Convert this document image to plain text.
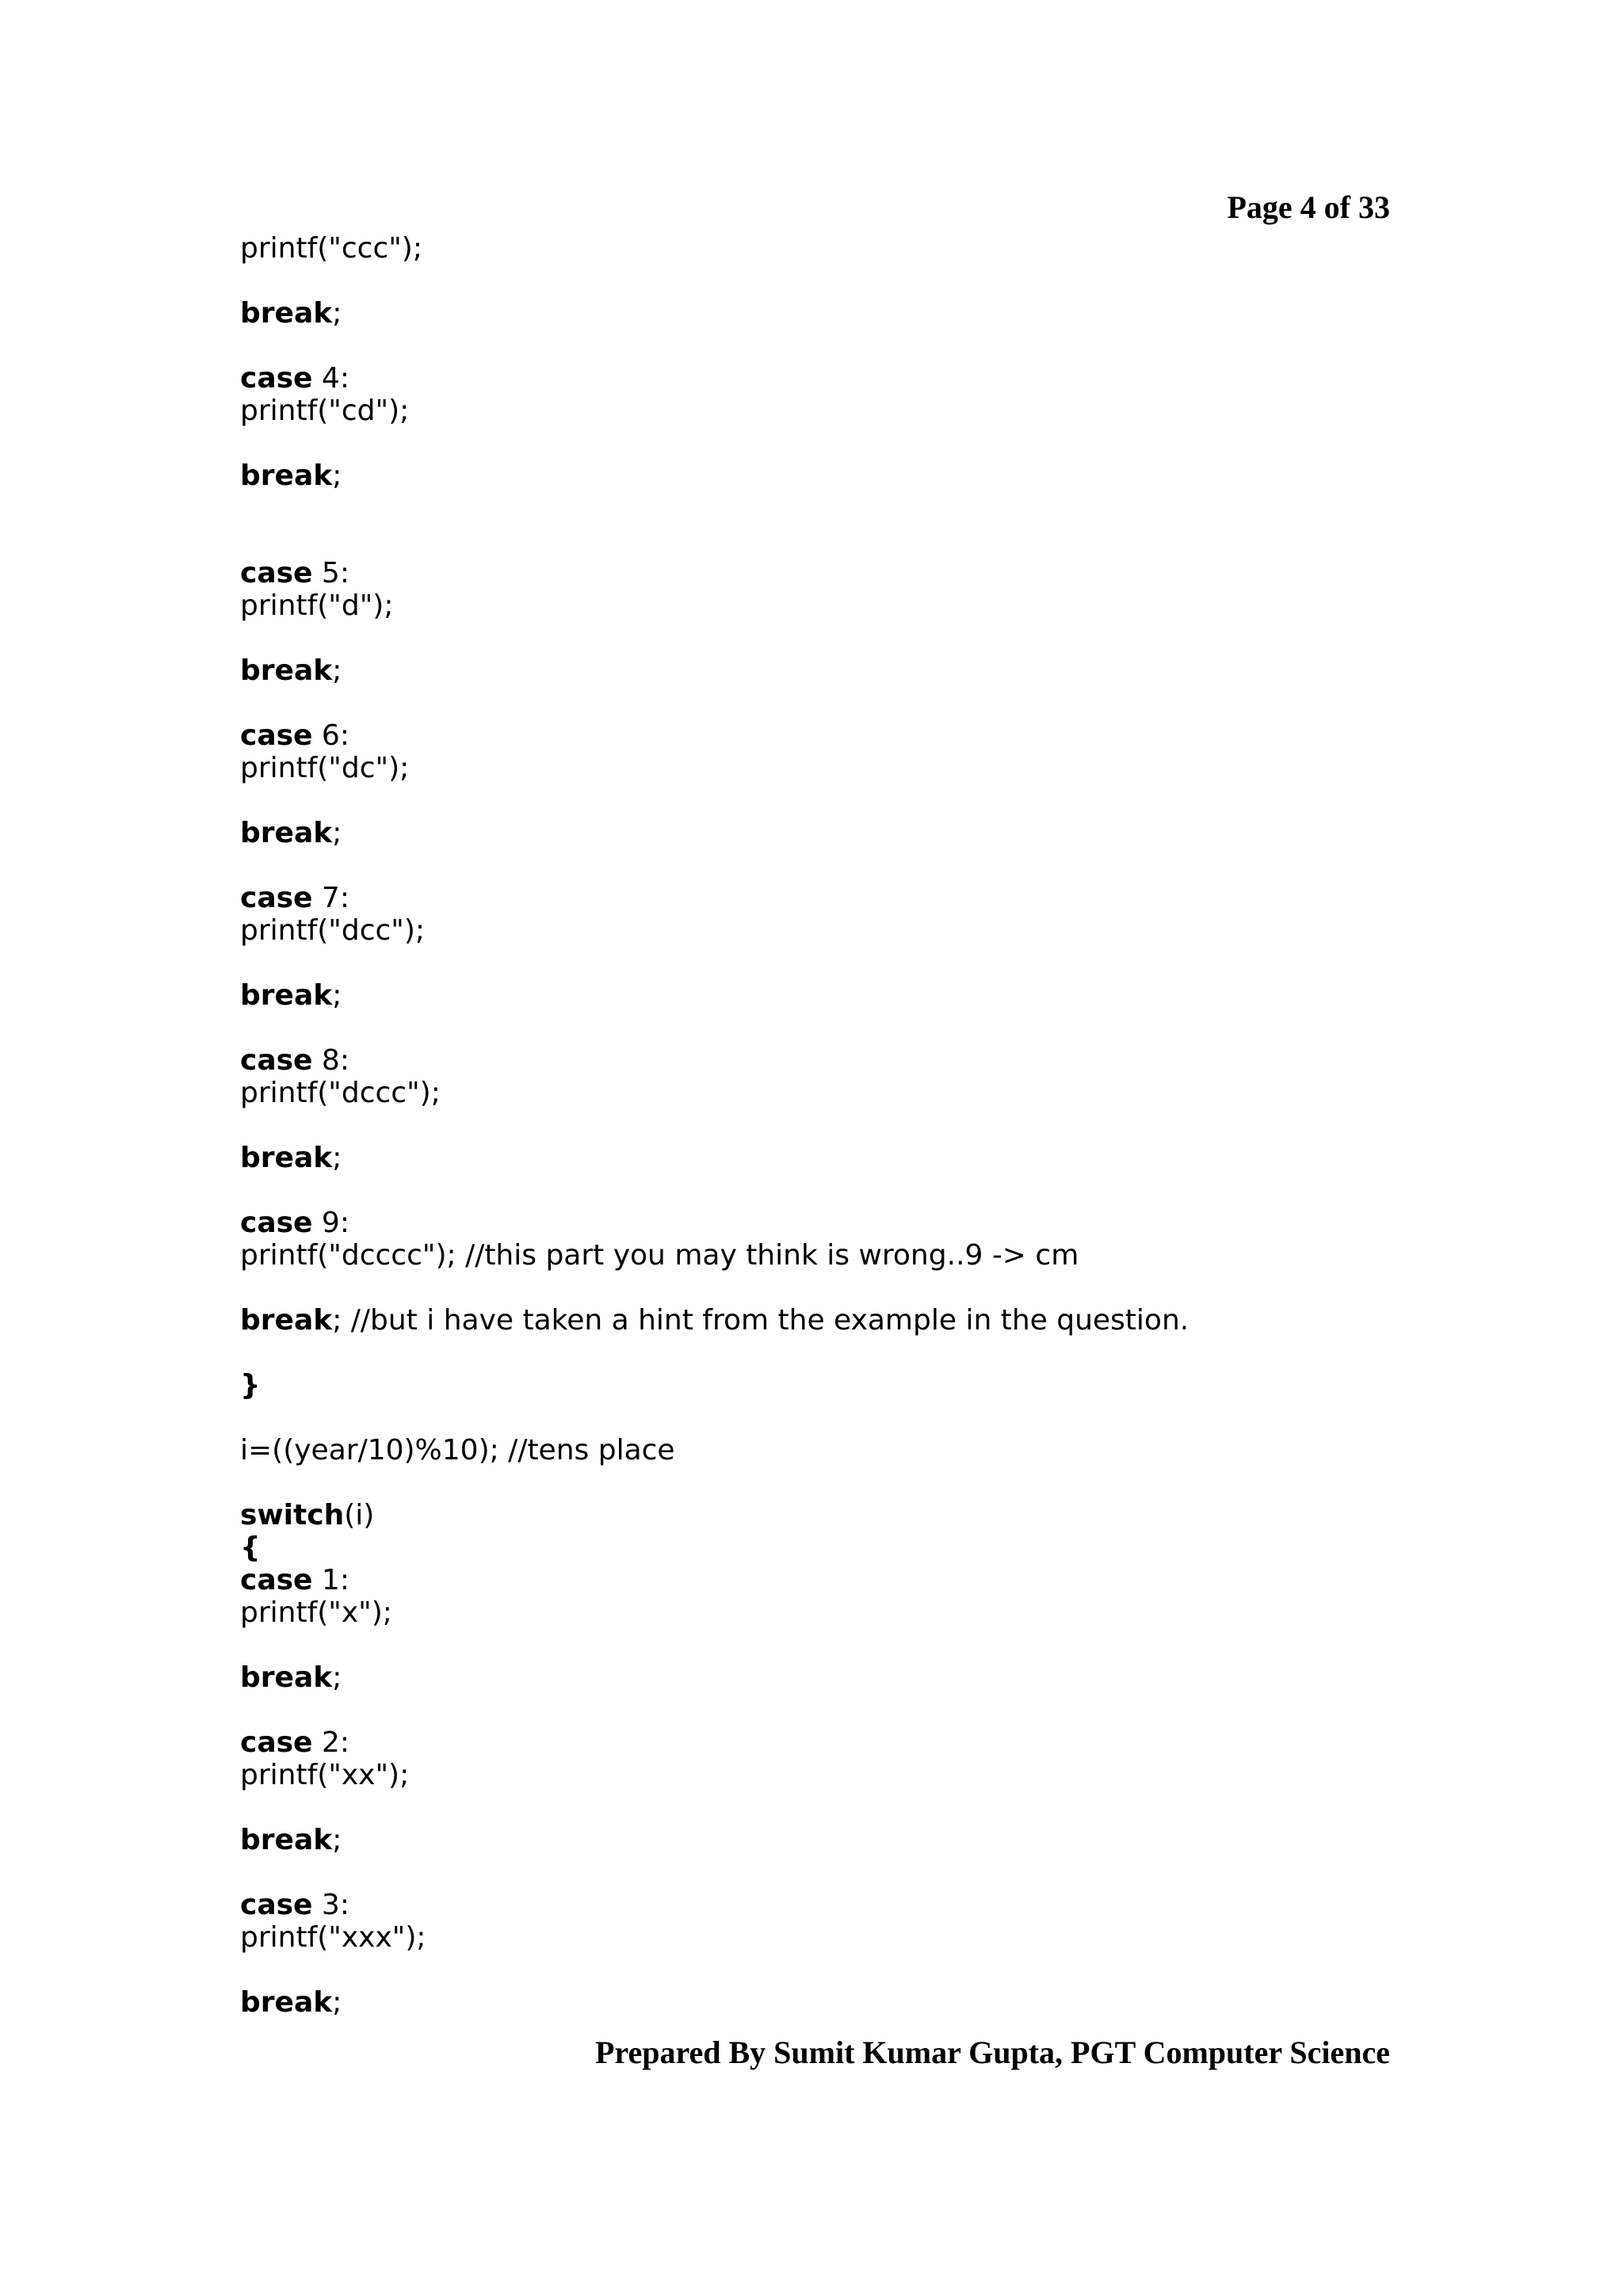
Page 4 of 33
printf("ccc");
break;
case 4:
printf("cd");
break;
case 5:
printf("d");
break;
case 6:
printf("dc");
break;
case 7:
printf("dcc");
break;
case 8:
printf("dccc");
break;
case 9:
printf("dcccc"); //this part you may think is wrong..9 -> cm
break; //but i have taken a hint from the example in the question.
}
i=((year/10)%10); //tens place
switch(i)
{
case 1:
printf("x");
break;
case 2:
printf("xx");
break;
case 3:
printf("xxx");
break;
Prepared By Sumit Kumar Gupta, PGT Computer Science
